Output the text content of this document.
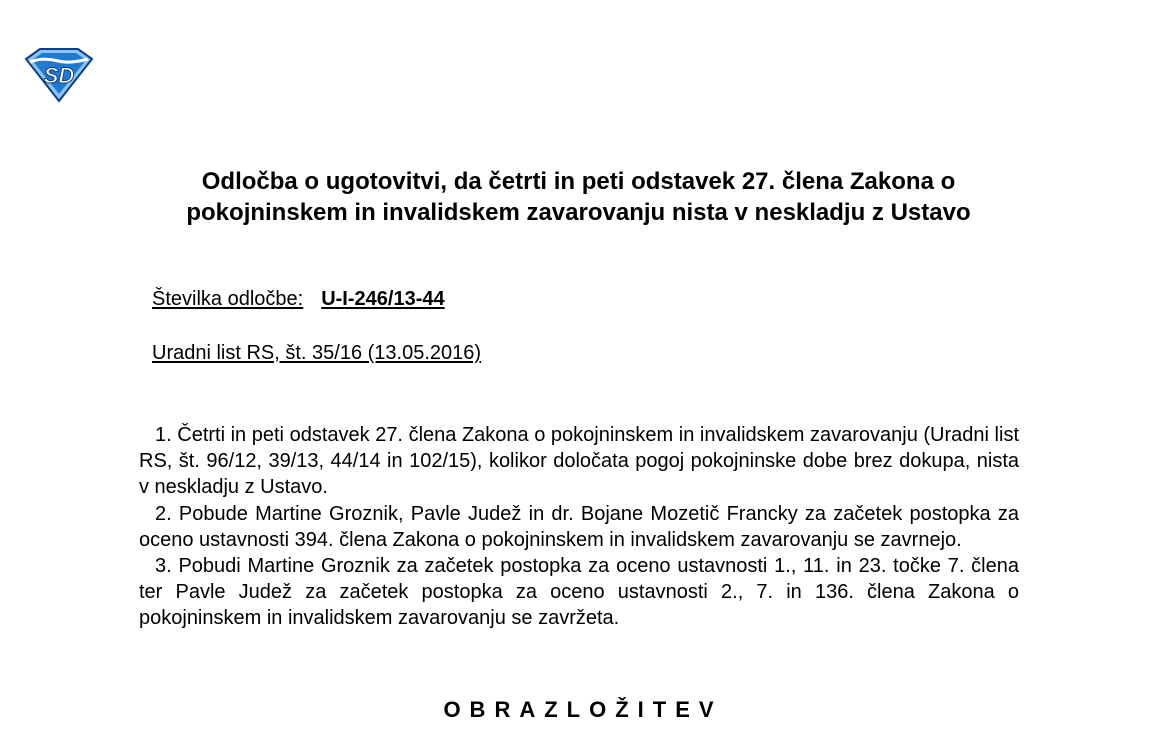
SD
Odločba o ugotovitvi, da četrti in peti odstavek 27. člena Zakona o pokojninskem in invalidskem zavarovanju nista v neskladju z Ustavo
Številka odločbe: U-I-246/13-44
Uradni list RS, št. 35/16 (13.05.2016)

1. Četrti in peti odstavek 27. člena Zakona o pokojninskem in invalidskem zavarovanju (Uradni list RS, št. 96/12, 39/13, 44/14 in 102/15), kolikor določata pogoj pokojninske dobe brez dokupa, nista v neskladju z Ustavo.

2. Pobude Martine Groznik, Pavle Judež in dr. Bojane Mozetič Francky za začetek postopka za oceno ustavnosti 394. člena Zakona o pokojninskem in invalidskem zavarovanju se zavrnejo.

3. Pobudi Martine Groznik za začetek postopka za oceno ustavnosti 1., 11. in 23. točke 7. člena ter Pavle Judež za začetek postopka za oceno ustavnosti 2., 7. in 136. člena Zakona o pokojninskem in invalidskem zavarovanju se zavržeta.

OBRAZLOŽITEV
